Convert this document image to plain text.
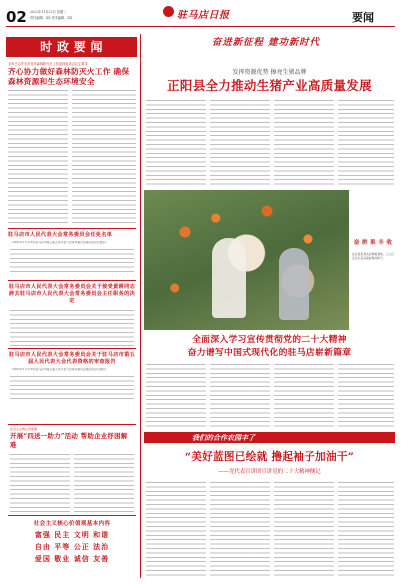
02 2022年11月22日 星期二
责任编辑：XX 美术编辑：XX	驻马店日报	要闻
时 政 要 闻
全市已召开全市务牢森林防灭火工作电视电话会议主要求
齐心协力做好森林防灭火工作 确保森林资源和生态环境安全
驻马店市人民代表大会常务委员会任免名单
（2022年11月18日驻马店市第五届人民代表大会常务委员会第四次会议通过）
驻马店市人民代表大会常务委员会关于接受黄耕同志辞去驻马店市人民代表大会常务委员会主任职务的决定
驻马店市人民代表大会常务委员会关于驻马店市第五届人民代表大会代表资格的审查报告
（2022年11月18日驻马店市第五届人民代表大会常务委员会第四次会议通过）
社会主义核心价值观
开展“四送一助力”活动 帮助企业纾困解难
社会主义核心价值观基本内容
富强 民主 文明 和谐
自由 平等 公正 法治
爱国 敬业 诚信 友善
奋进新征程 建功新时代
发挥资源优势 擦亮生猪品牌
正阳县全力推动生猪产业高质量发展
奋 拼 果 丰 收
在汝南县某农业种植基地，工人们正在忙着采摘成熟的柿子。
全面深入学习宣传贯彻党的二十大精神
奋力谱写中国式现代化的驻马店崭新篇章
我们的合作农园丰了
“美好蓝图已绘就 撸起袖子加油干”
——党代表宣讲团宣讲党的二十大精神侧记
